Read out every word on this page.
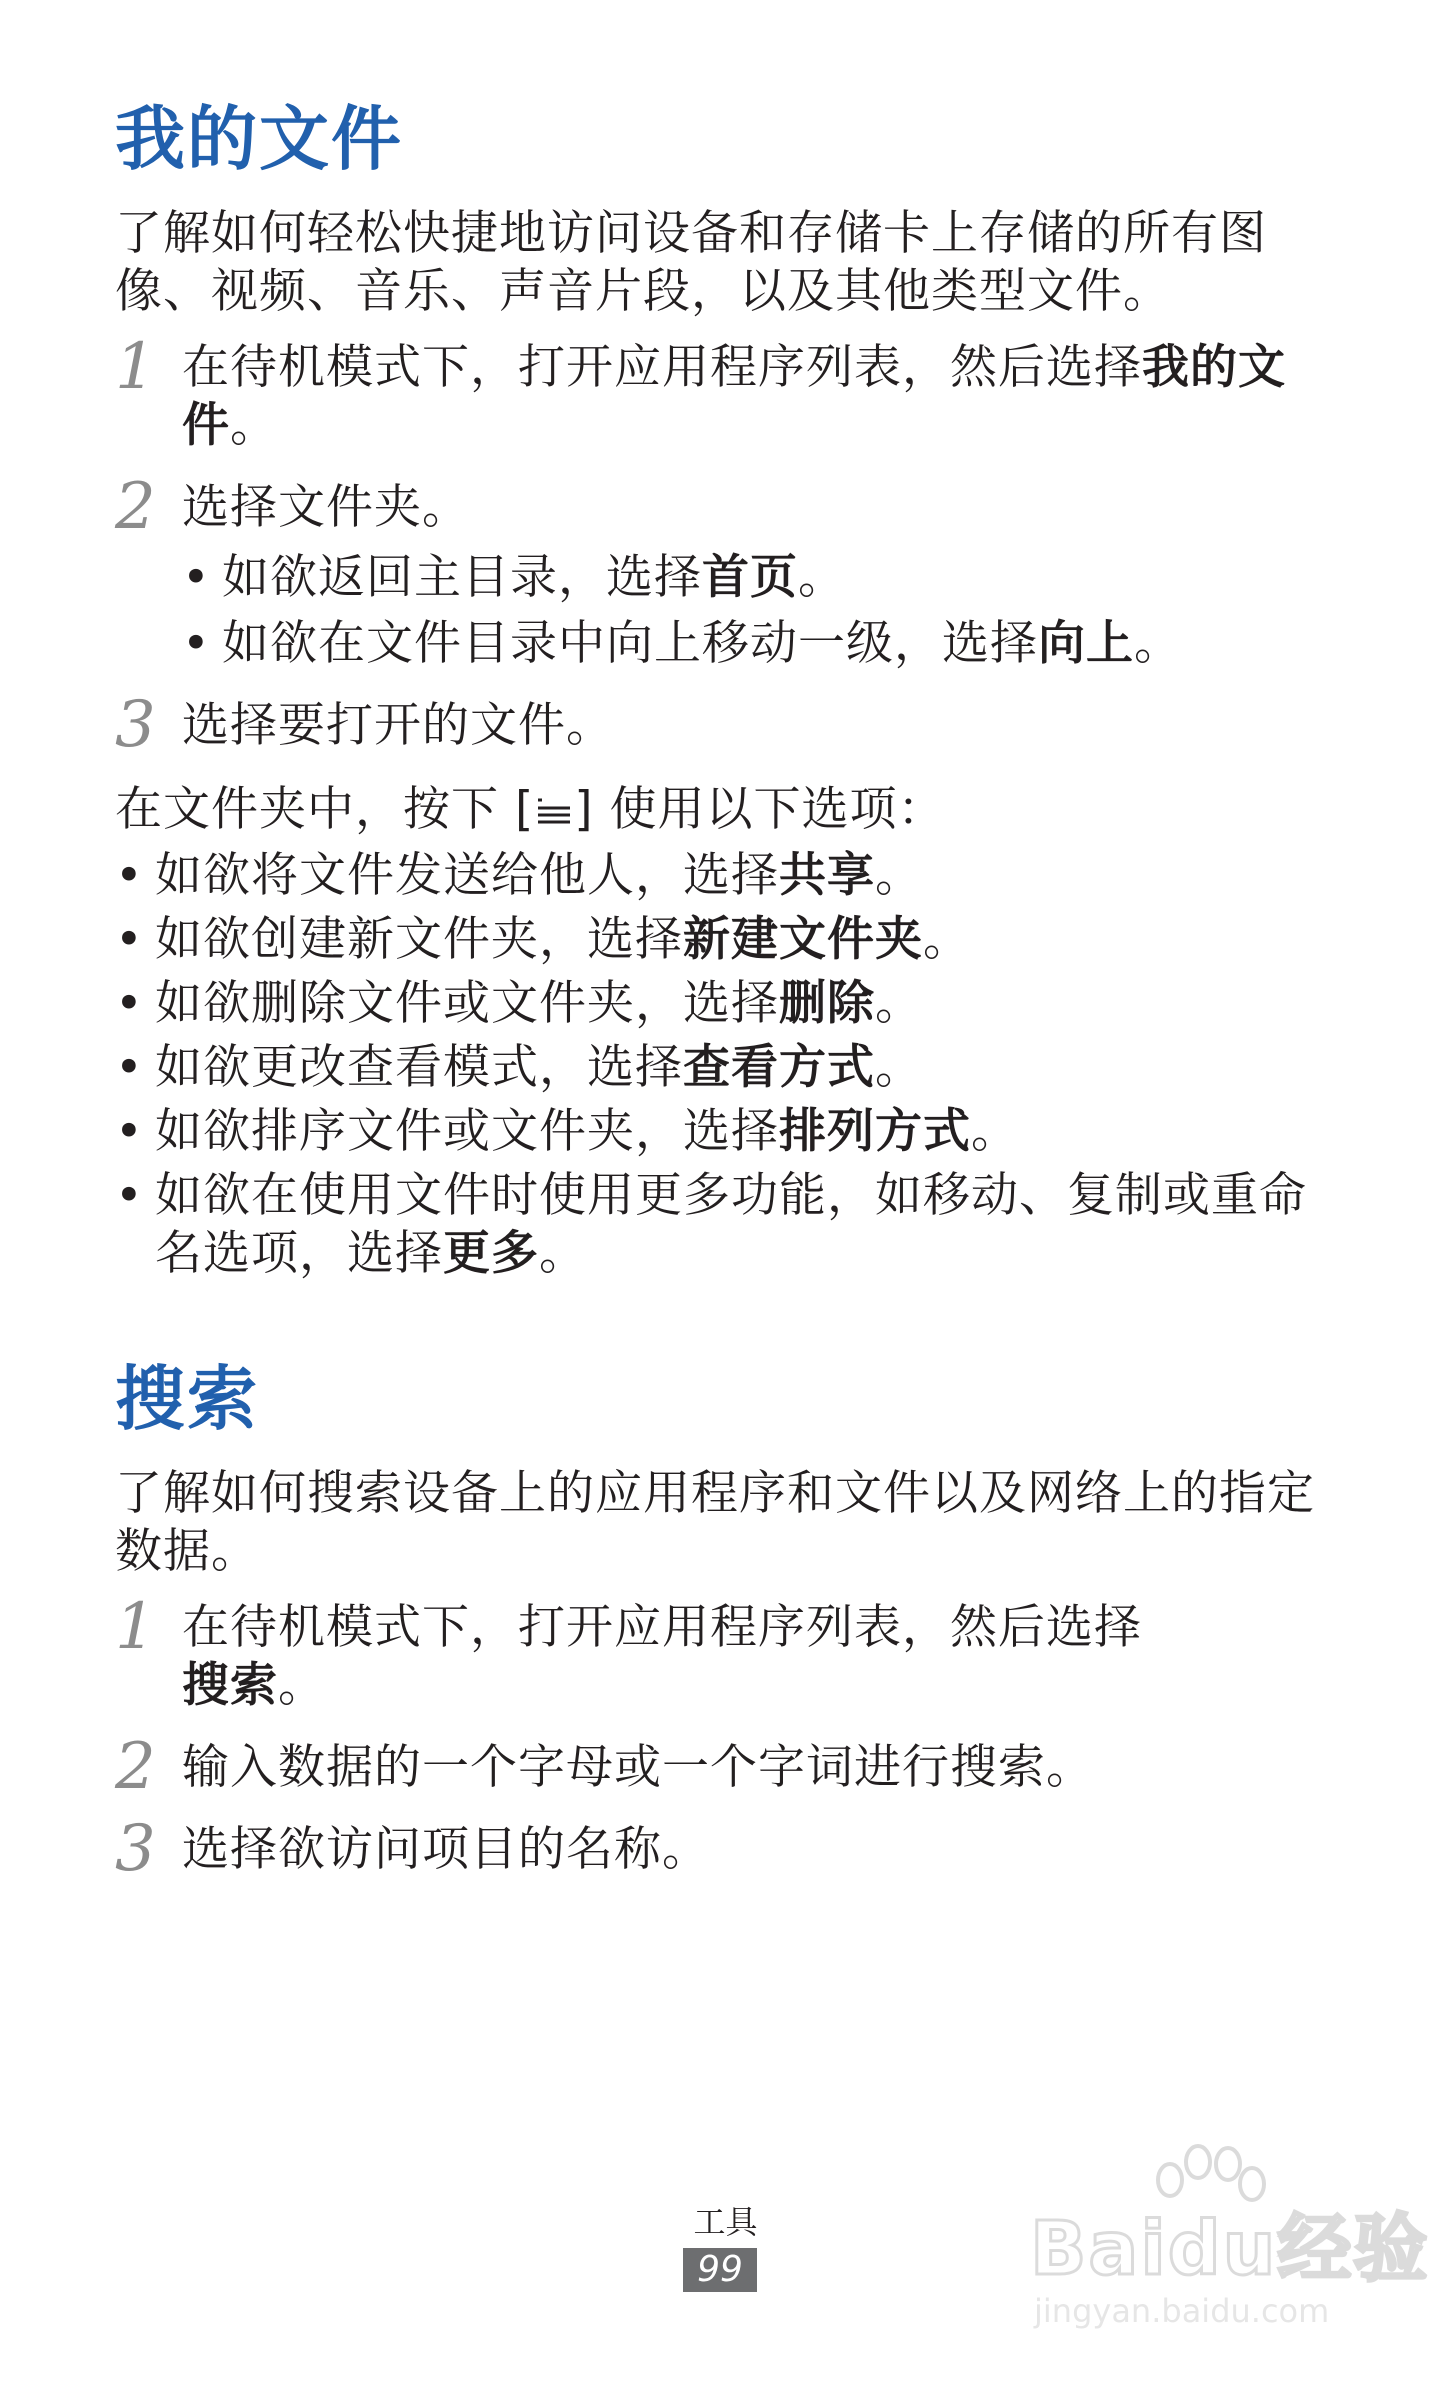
我的文件

了解如何轻松快捷地访问设备和存储卡上存储的所有图像、视频、音乐、声音片段，以及其他类型文件。

1 在待机模式下，打开应用程序列表，然后选择我的文件。
2 选择文件夹。
• 如欲返回主目录，选择首页。
• 如欲在文件目录中向上移动一级，选择向上。
3 选择要打开的文件。

在文件夹中，按下 [ ] 使用以下选项：

• 如欲将文件发送给他人，选择共享。
• 如欲创建新文件夹，选择新建文件夹。
• 如欲删除文件或文件夹，选择删除。
• 如欲更改查看模式，选择查看方式。
• 如欲排序文件或文件夹，选择排列方式。
• 如欲在使用文件时使用更多功能，如移动、复制或重命名选项，选择更多。
搜索

了解如何搜索设备上的应用程序和文件以及网络上的指定数据。

1 在待机模式下，打开应用程序列表，然后选择
搜索。
2 输入数据的一个字母或一个字词进行搜索。
3 选择欲访问项目的名称。
工具
99	Baidu经验
jingyan.baidu.com
